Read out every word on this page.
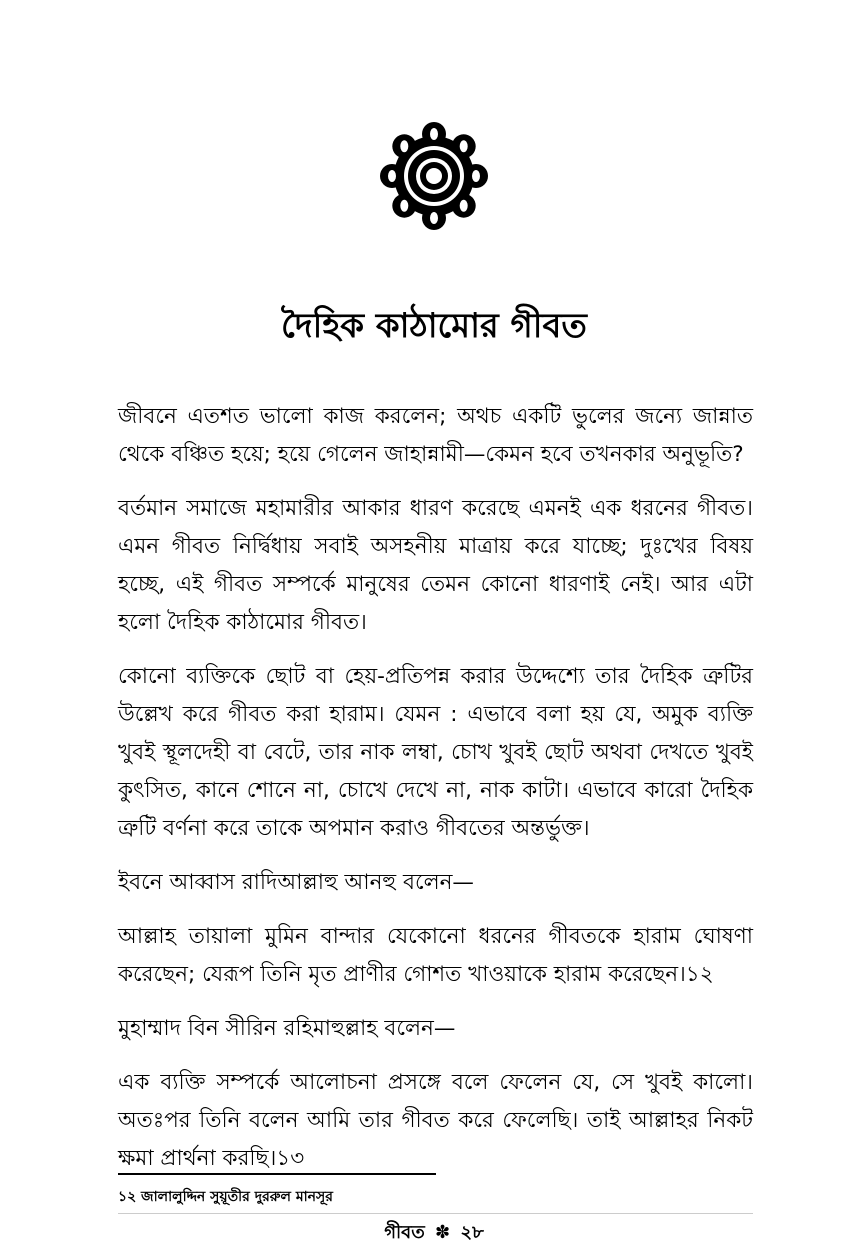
দৈহিক কাঠামোর গীবত

জীবনে এতশত ভালো কাজ করলেন; অথচ একটি ভুলের জন্যে জান্নাত থেকে বঞ্চিত হয়ে; হয়ে গেলেন জাহান্নামী—কেমন হবে তখনকার অনুভূতি?

বর্তমান সমাজে মহামারীর আকার ধারণ করেছে এমনই এক ধরনের গীবত। এমন গীবত নির্দ্বিধায় সবাই অসহনীয় মাত্রায় করে যাচ্ছে; দুঃখের বিষয় হচ্ছে, এই গীবত সম্পর্কে মানুষের তেমন কোনো ধারণাই নেই। আর এটা হলো দৈহিক কাঠামোর গীবত।

কোনো ব্যক্তিকে ছোট বা হেয়-প্রতিপন্ন করার উদ্দেশ্যে তার দৈহিক ত্রুটির উল্লেখ করে গীবত করা হারাম। যেমন : এভাবে বলা হয় যে, অমুক ব্যক্তি খুবই স্থূলদেহী বা বেটে, তার নাক লম্বা, চোখ খুবই ছোট অথবা দেখতে খুবই কুৎসিত, কানে শোনে না, চোখে দেখে না, নাক কাটা। এভাবে কারো দৈহিক ত্রুটি বর্ণনা করে তাকে অপমান করাও গীবতের অন্তর্ভুক্ত।

ইবনে আব্বাস রাদিআল্লাহু আনহু বলেন—

আল্লাহ তায়ালা মুমিন বান্দার যেকোনো ধরনের গীবতকে হারাম ঘোষণা করেছেন; যেরূপ তিনি মৃত প্রাণীর গোশত খাওয়াকে হারাম করেছেন।১২

মুহাম্মাদ বিন সীরিন রহিমাহুল্লাহ বলেন—

এক ব্যক্তি সম্পর্কে আলোচনা প্রসঙ্গে বলে ফেলেন যে, সে খুবই কালো। অতঃপর তিনি বলেন আমি তার গীবত করে ফেলেছি। তাই আল্লাহর নিকট ক্ষমা প্রার্থনা করছি।১৩

১২ জালালুদ্দিন সুয়ূতীর দুররুল মানসূর
গীবত ✽ ২৮
